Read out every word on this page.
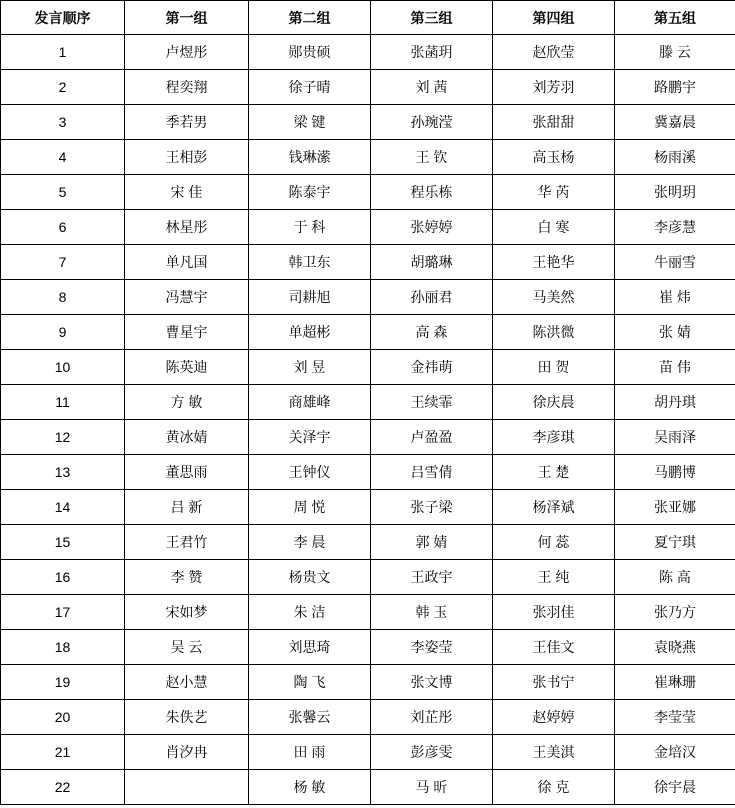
发言顺序	第一组	第二组	第三组	第四组	第五组
1	卢煜彤	郧贵硕	张菡玥	赵欣莹	滕 云
2	程奕翔	徐子晴	刘 茜	刘芳羽	路鹏宇
3	季若男	梁 键	孙琬滢	张甜甜	冀嘉晨
4	王相彭	钱琳潆	王 钦	高玉杨	杨雨溪
5	宋 佳	陈泰宇	程乐栋	华 芮	张明玥
6	林星彤	于 科	张婷婷	白 寒	李彦慧
7	单凡国	韩卫东	胡璐琳	王艳华	牛丽雪
8	冯慧宇	司耕旭	孙丽君	马美然	崔 炜
9	曹星宇	单超彬	高 森	陈洪微	张 婧
10	陈英迪	刘 昱	金祎萌	田 贺	苗 伟
11	方 敏	商雄峰	王续霏	徐庆晨	胡丹琪
12	黄冰婧	关泽宇	卢盈盈	李彦琪	吴雨泽
13	董思雨	王钟仪	吕雪倩	王 楚	马鹏博
14	吕 新	周 悦	张子梁	杨泽斌	张亚娜
15	王君竹	李 晨	郭 婧	何 蕊	夏宁琪
16	李 赞	杨贵文	王政宇	王 纯	陈 高
17	宋如梦	朱 洁	韩 玉	张羽佳	张乃方
18	吴 云	刘思琦	李姿莹	王佳文	袁晓燕
19	赵小慧	陶 飞	张文博	张书宁	崔琳珊
20	朱佚艺	张馨云	刘芷彤	赵婷婷	李莹莹
21	肖汐冉	田 雨	彭彦雯	王美淇	金培汉
22		杨 敏	马 昕	徐 克	徐宇晨
